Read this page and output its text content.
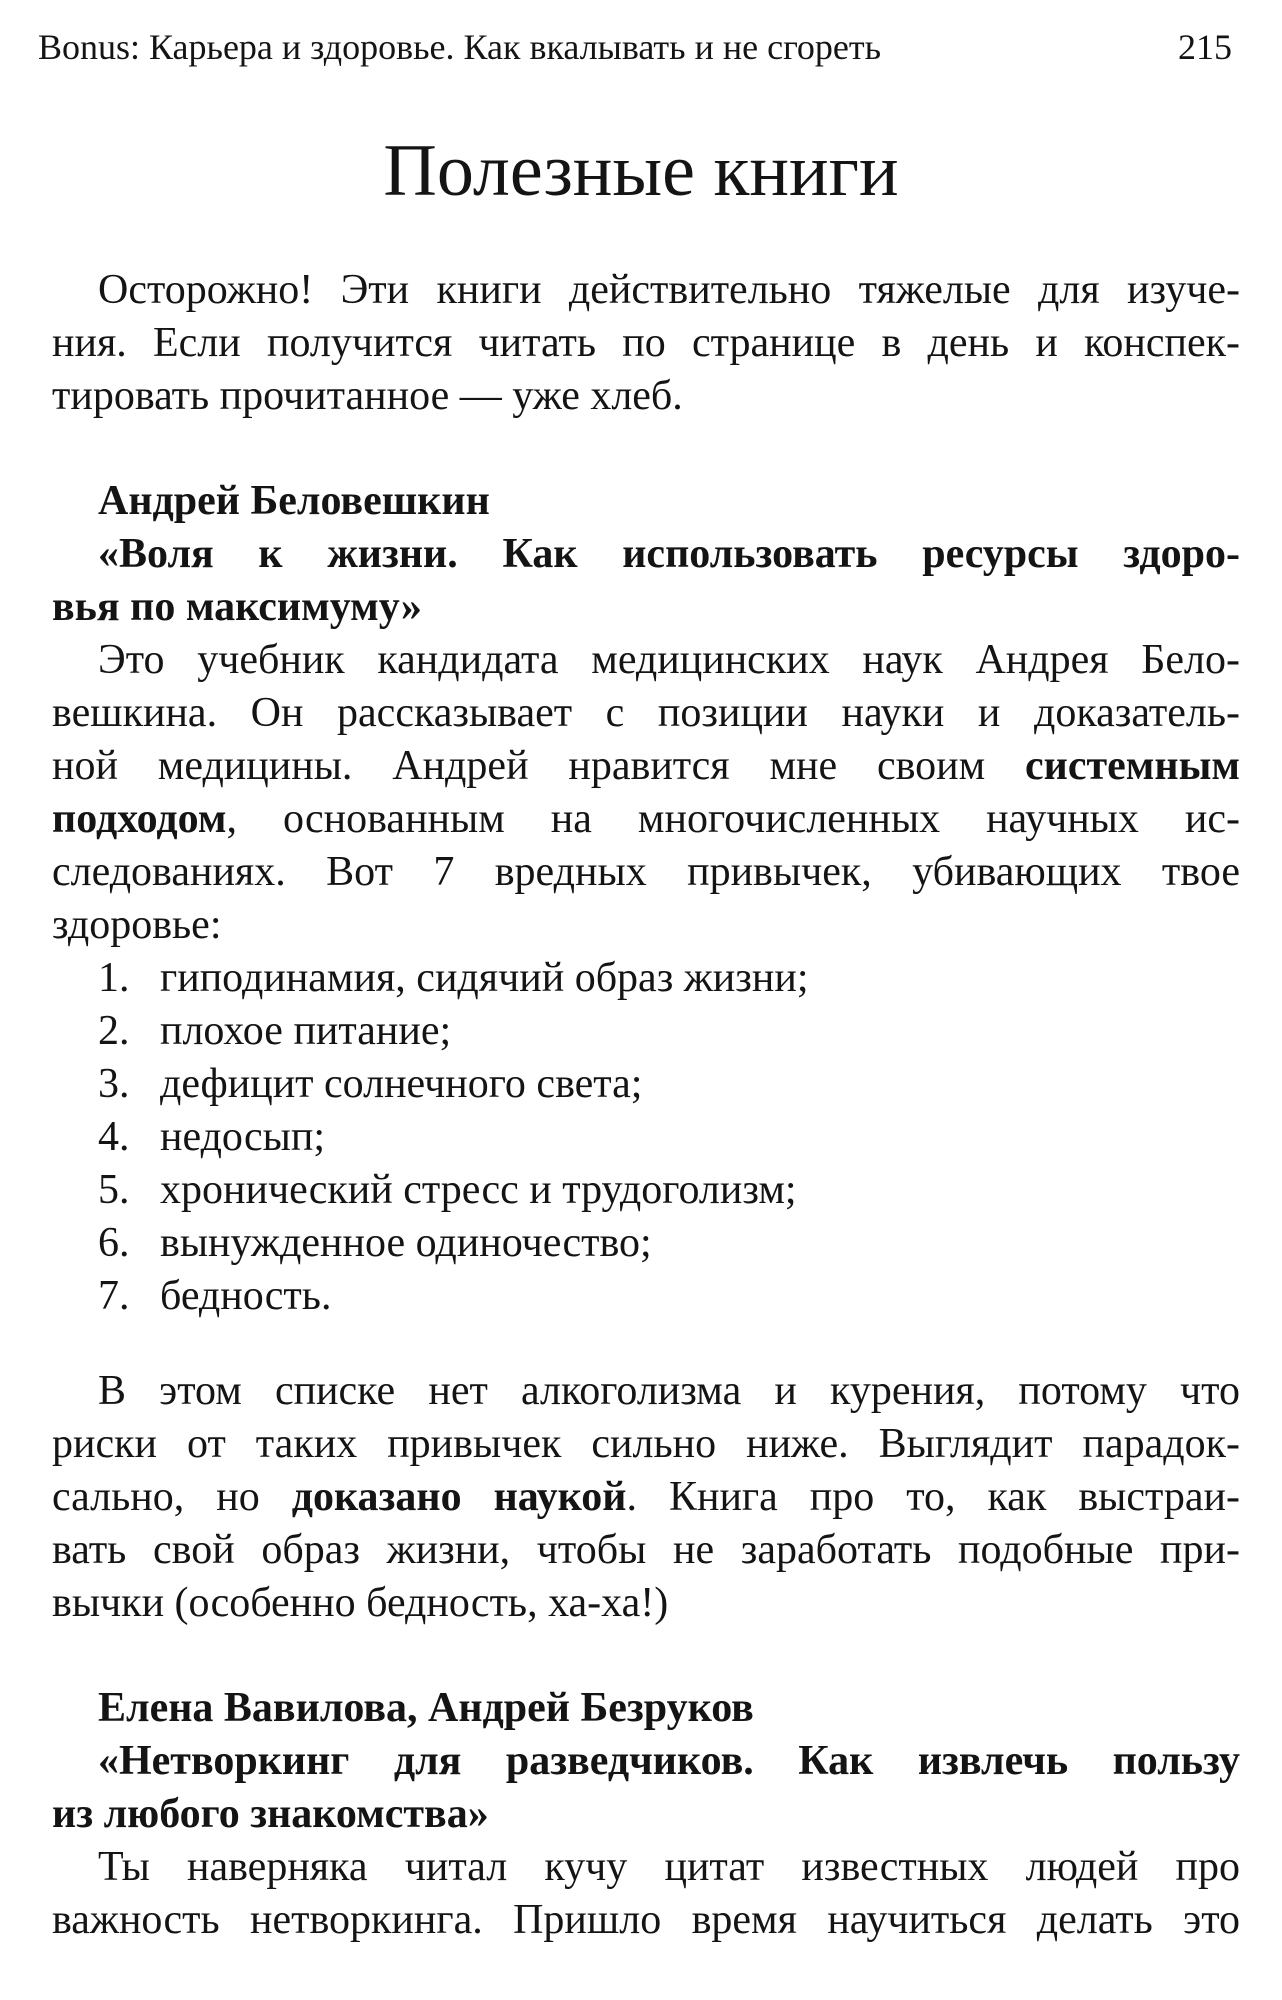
Bonus: Карьера и здоровье. Как вкалывать и не сгореть	215
Полезные книги
Осторожно! Эти книги действительно тяжелые для изуче-
ния. Если получится читать по странице в день и конспек-
тировать прочитанное — уже хлеб.
Андрей Беловешкин
«Воля к жизни. Как использовать ресурсы здоро-
вья по максимуму»
Это учебник кандидата медицинских наук Андрея Бело-
вешкина. Он рассказывает с позиции науки и доказатель-
ной медицины. Андрей нравится мне своим системным
подходом, основанным на многочисленных научных ис-
следованиях. Вот 7 вредных привычек, убивающих твое
здоровье:
1. гиподинамия, сидячий образ жизни;
2. плохое питание;
3. дефицит солнечного света;
4. недосып;
5. хронический стресс и трудоголизм;
6. вынужденное одиночество;
7. бедность.
В этом списке нет алкоголизма и курения, потому что
риски от таких привычек сильно ниже. Выглядит парадок-
сально, но доказано наукой. Книга про то, как выстраи-
вать свой образ жизни, чтобы не заработать подобные при-
вычки (особенно бедность, ха-ха!)
Елена Вавилова, Андрей Безруков
«Нетворкинг для разведчиков. Как извлечь пользу
из любого знакомства»
Ты наверняка читал кучу цитат известных людей про
важность нетворкинга. Пришло время научиться делать это
